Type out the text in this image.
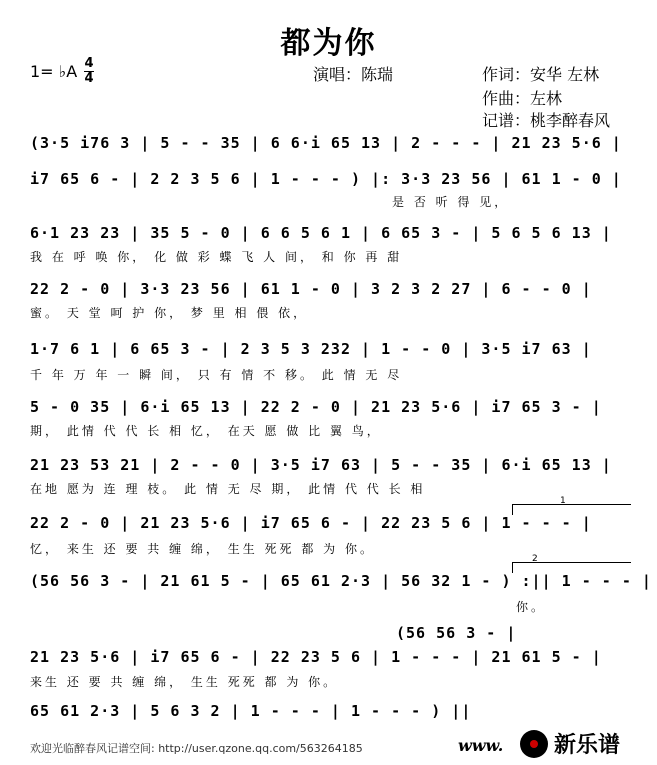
都为你
1= ♭A 4
4	演唱：陈瑞	作词：安华 左林
作曲：左林
记谱：桃李醉春风
(3·5 i76 3 | 5 - - 35 | 6 6·i 65 13 | 2 - - - | 21 23 5·6 |
i7 65 6 - | 2 2 3 5 6 | 1 - - - ) |: 3·3 23 56 | 61 1 - 0 |
是 否 听 得 见，
6·1 23 23 | 35 5 - 0 | 6 6 5 6 1 | 6 65 3 - | 5 6 5 6 13 |
我 在 呼 唤 你， 化 做 彩 蝶 飞 人 间， 和 你 再 甜
22 2 - 0 | 3·3 23 56 | 61 1 - 0 | 3 2 3 2 27 | 6 - - 0 |
蜜。 天 堂 呵 护 你， 梦 里 相 偎 依，
1·7 6 1 | 6 65 3 - | 2 3 5 3 232 | 1 - - 0 | 3·5 i7 63 |
千 年 万 年 一 瞬 间， 只 有 情 不 移。 此 情 无 尽
5 - 0 35 | 6·i 65 13 | 22 2 - 0 | 21 23 5·6 | i7 65 3 - |
期， 此情 代 代 长 相 忆， 在天 愿 做 比 翼 鸟，
21 23 53 21 | 2 - - 0 | 3·5 i7 63 | 5 - - 35 | 6·i 65 13 |
在地 愿为 连 理 枝。 此 情 无 尽 期， 此情 代 代 长 相
1
22 2 - 0 | 21 23 5·6 | i7 65 6 - | 22 23 5 6 | 1 - - - |
忆， 来生 还 要 共 缠 绵， 生生 死死 都 为 你。
2
(56 56 3 - | 21 61 5 - | 65 61 2·3 | 56 32 1 - ) :|| 1 - - - |
你。
(56 56 3 - |
21 23 5·6 | i7 65 6 - | 22 23 5 6 | 1 - - - | 21 61 5 - |
来生 还 要 共 缠 绵， 生生 死死 都 为 你。
65 61 2·3 | 5 6 3 2 | 1 - - - | 1 - - - ) ||
欢迎光临醉春风记谱空间: http://user.qzone.qq.com/563264185	www. 新乐谱
